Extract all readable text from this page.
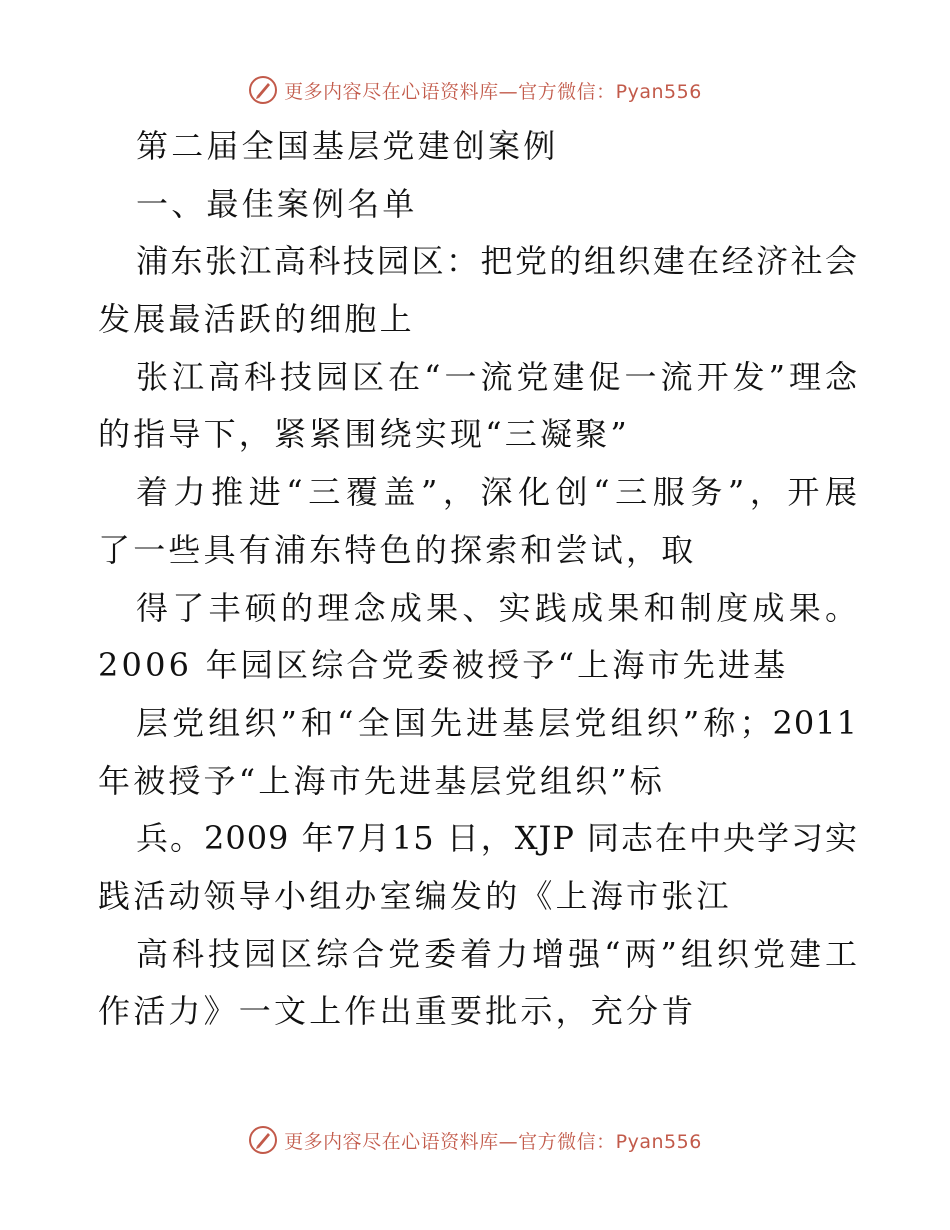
更多内容尽在心语资料库—官方微信：Pyan556
第二届全国基层党建创案例
一、最佳案例名单
浦东张江高科技园区：把党的组织建在经济社会
发展最活跃的细胞上
张江高科技园区在“一流党建促一流开发”理念
的指导下，紧紧围绕实现“三凝聚”
着力推进“三覆盖”，深化创“三服务”，开展
了一些具有浦东特色的探索和尝试，取
得了丰硕的理念成果、实践成果和制度成果。
2006 年园区综合党委被授予“上海市先进基
层党组织”和“全国先进基层党组织”称；2011
年被授予“上海市先进基层党组织”标
兵。2009 年7月15 日，XJP 同志在中央学习实
践活动领导小组办室编发的《上海市张江
高科技园区综合党委着力增强“两”组织党建工
作活力》一文上作出重要批示，充分肯
更多内容尽在心语资料库—官方微信：Pyan556
